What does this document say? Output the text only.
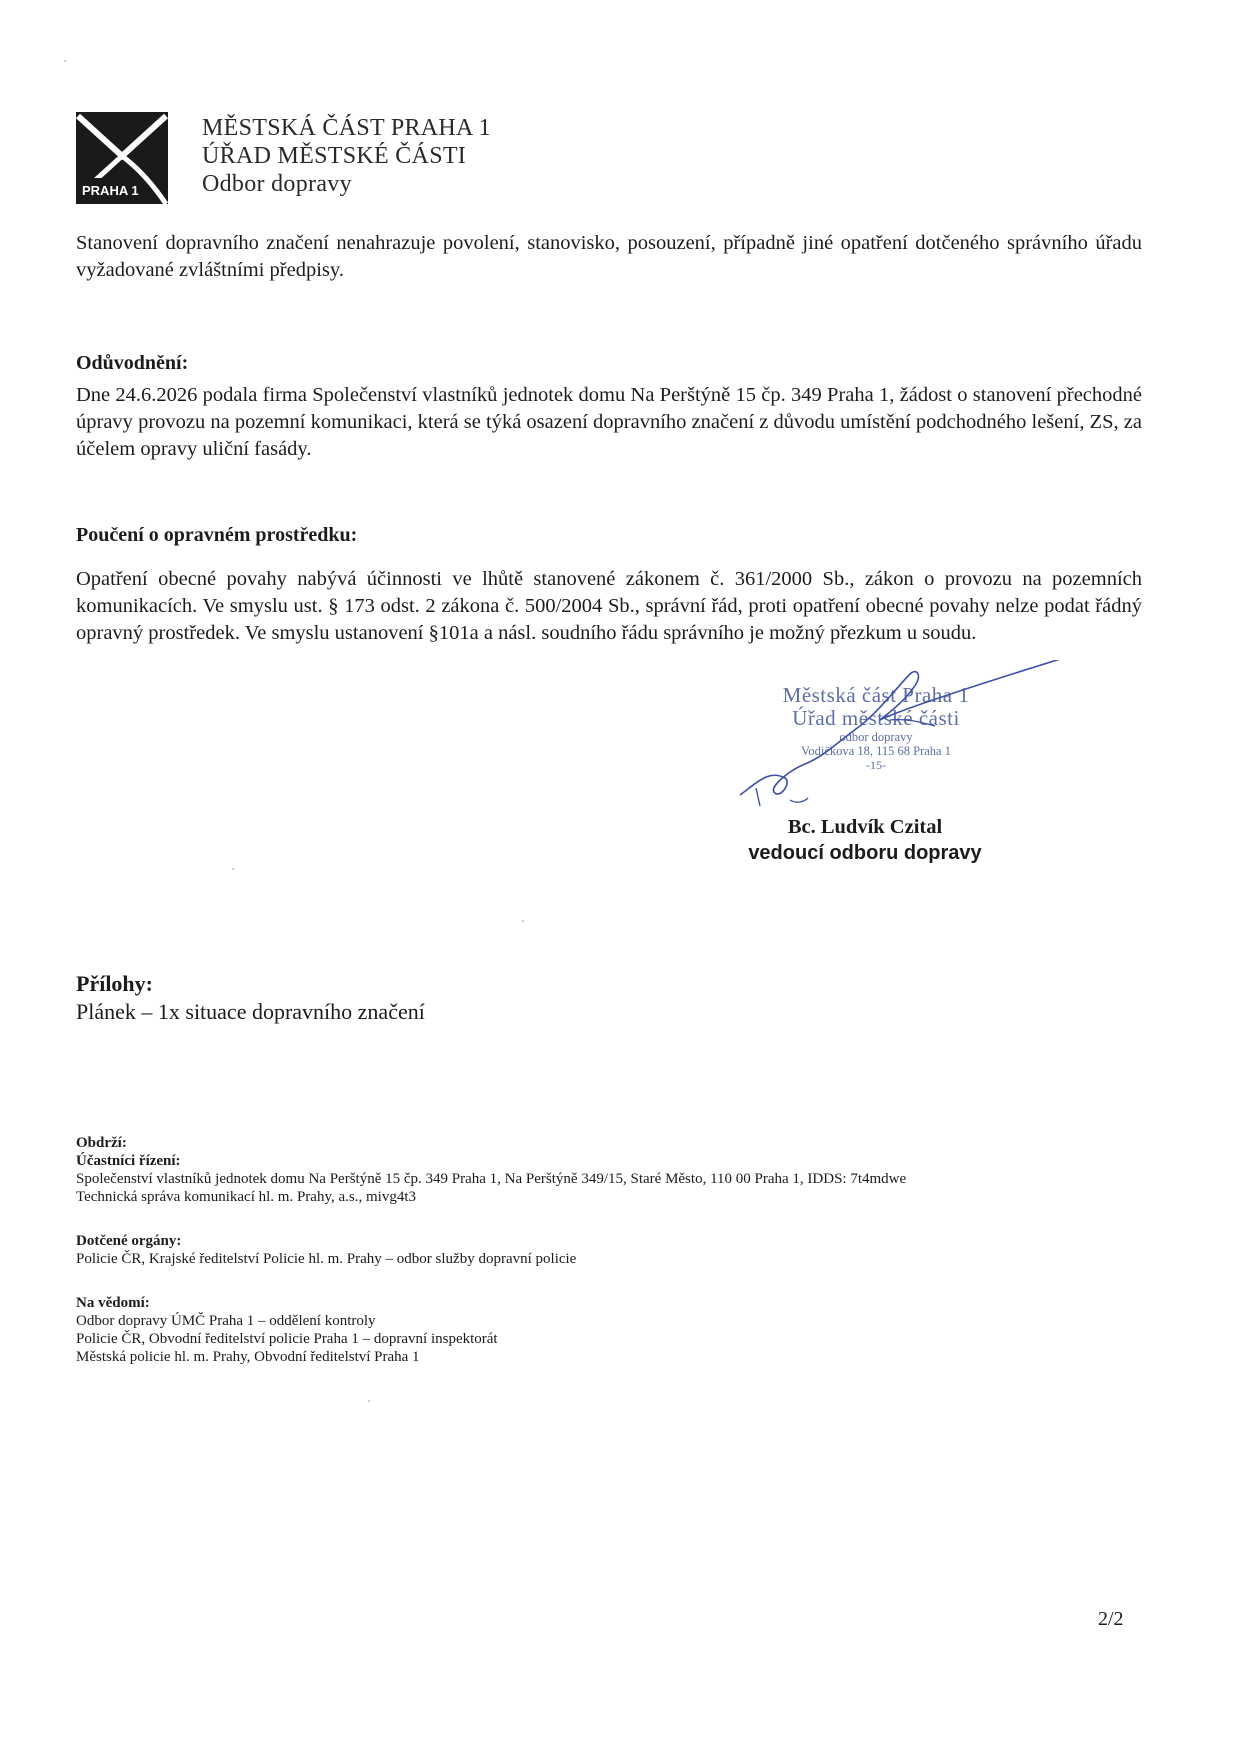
PRAHA 1
MĚSTSKÁ ČÁST PRAHA 1
ÚŘAD MĚSTSKÉ ČÁSTI
Odbor dopravy
Stanovení dopravního značení nenahrazuje povolení, stanovisko, posouzení, případně jiné opatření dotčeného správního úřadu vyžadované zvláštními předpisy.
Odůvodnění:
Dne 24.6.2026 podala firma Společenství vlastníků jednotek domu Na Perštýně 15 čp. 349 Praha 1, žádost o stanovení přechodné úpravy provozu na pozemní komunikaci, která se týká osazení dopravního značení z důvodu umístění podchodného lešení, ZS, za účelem opravy uliční fasády.
Poučení o opravném prostředku:
Opatření obecné povahy nabývá účinnosti ve lhůtě stanovené zákonem č. 361/2000 Sb., zákon o provozu na pozemních komunikacích. Ve smyslu ust. § 173 odst. 2 zákona č. 500/2004 Sb., správní řád, proti opatření obecné povahy nelze podat řádný opravný prostředek. Ve smyslu ustanovení §101a a násl. soudního řádu správního je možný přezkum u soudu.
Městská část Praha 1
Úřad městské části
odbor dopravy
Vodičkova 18, 115 68 Praha 1
-15-
Bc. Ludvík Czital
vedoucí odboru dopravy
Přílohy:
Plánek – 1x situace dopravního značení
Obdrží:
Účastníci řízení:
Společenství vlastníků jednotek domu Na Perštýně 15 čp. 349 Praha 1, Na Perštýně 349/15, Staré Město, 110 00 Praha 1, IDDS: 7t4mdwe
Technická správa komunikací hl. m. Prahy, a.s., mivg4t3
Dotčené orgány:
Policie ČR, Krajské ředitelství Policie hl. m. Prahy – odbor služby dopravní policie
Na vědomí:
Odbor dopravy ÚMČ Praha 1 – oddělení kontroly
Policie ČR, Obvodní ředitelství policie Praha 1 – dopravní inspektorát
Městská policie hl. m. Prahy, Obvodní ředitelství Praha 1
2/2
